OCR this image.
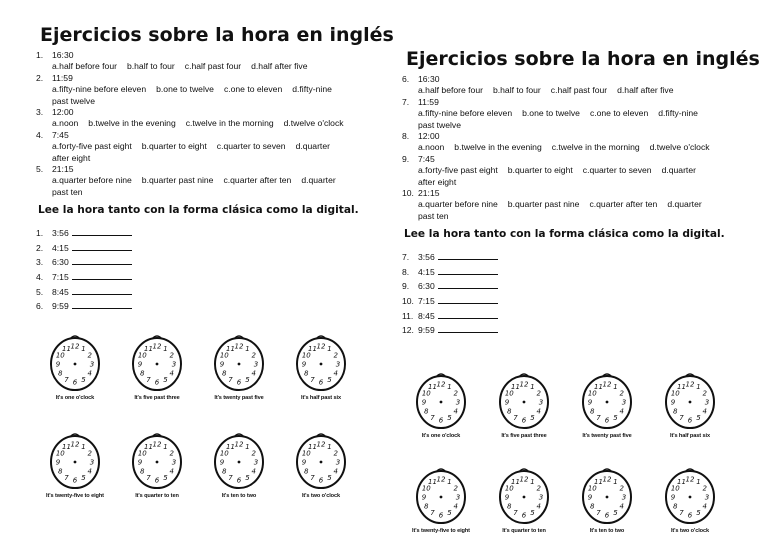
Ejercicios sobre la hora en inglés
1.	16:30
a.half before four b.half to four c.half past four d.half after five
2.	11:59
a.fifty-nine before eleven b.one to twelve c.one to eleven d.fifty-nine
past twelve
3.	12:00
a.noon b.twelve in the evening c.twelve in the morning d.twelve o'clock
4.	7:45
a.forty-five past eight b.quarter to eight c.quarter to seven d.quarter
after eight
5.	21:15
a.quarter before nine b.quarter past nine c.quarter after ten d.quarter
past ten
Lee la hora tanto con la forma clásica como la digital.
1.	3:56
2.	4:15
3.	6:30
4.	7:15
5.	8:45
6.	9:59
Ejercicios sobre la hora en inglés
6.	16:30
a.half before four b.half to four c.half past four d.half after five
7.	11:59
a.fifty-nine before eleven b.one to twelve c.one to eleven d.fifty-nine
past twelve
8.	12:00
a.noon b.twelve in the evening c.twelve in the morning d.twelve o'clock
9.	7:45
a.forty-five past eight b.quarter to eight c.quarter to seven d.quarter
after eight
10. 21:15
a.quarter before nine b.quarter past nine c.quarter after ten d.quarter
past ten
Lee la hora tanto con la forma clásica como la digital.
7.	3:56
8.	4:15
9.	6:30
10. 7:15
11. 8:45
12. 9:59
12 1
2
3
4
5
6
7
8
9
10
11
It's one o'clock
12 1
2
3
4
5
6
7
8
9
10
11
It's five past three
12 1
2
3
4
5
6
7
8
9
10
11
It's twenty past five
12 1
2
3
4
5
6
7
8
9
10
11
It's half past six
12 1
2
3
4
5
6
7
8
9
10
11
It's twenty-five to eight
12 1
2
3
4
5
6
7
8
9
10
11
It's quarter to ten
12 1
2
3
4
5
6
7
8
9
10
11
It's ten to two
12 1
2
3
4
5
6
7
8
9
10
11
It's two o'clock
12 1
2
3
4
5
6
7
8
9
10
11
It's one o'clock
12 1
2
3
4
5
6
7
8
9
10
11
It's five past three
12 1
2
3
4
5
6
7
8
9
10
11
It's twenty past five
12 1
2
3
4
5
6
7
8
9
10
11
It's half past six
12 1
2
3
4
5
6
7
8
9
10
11
It's twenty-five to eight
12 1
2
3
4
5
6
7
8
9
10
11
It's quarter to ten
12 1
2
3
4
5
6
7
8
9
10
11
It's ten to two
12 1
2
3
4
5
6
7
8
9
10
11
It's two o'clock
